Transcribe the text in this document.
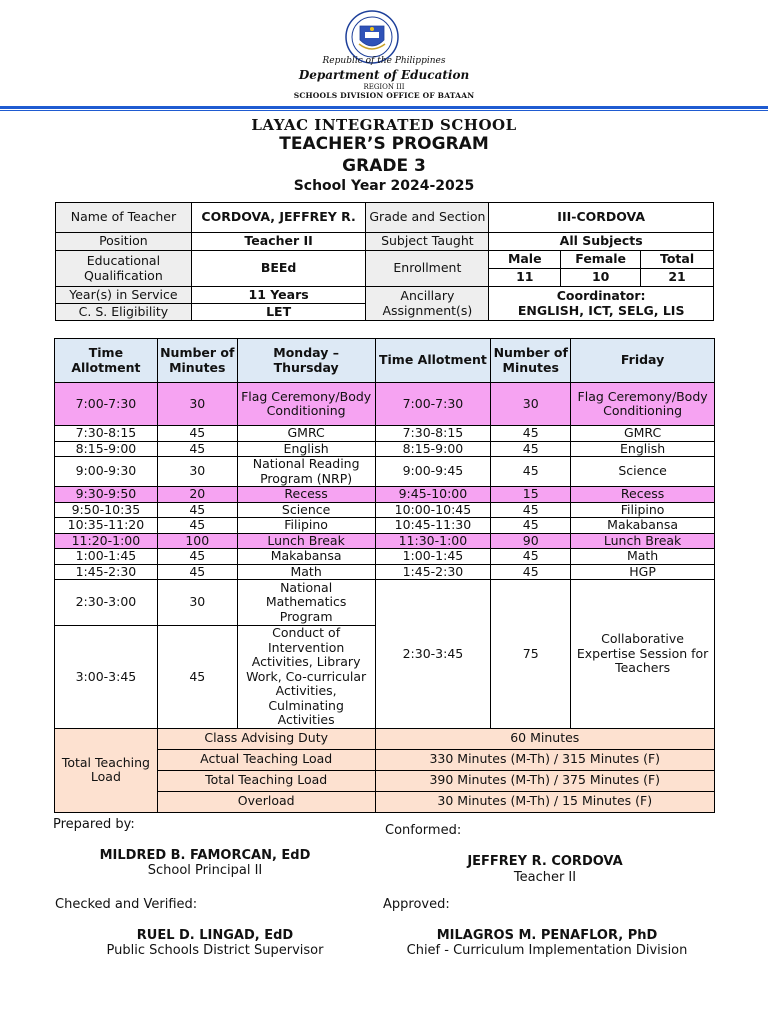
Republic of the Philippines
Department of Education
REGION III
SCHOOLS DIVISION OFFICE OF BATAAN
LAYAC INTEGRATED SCHOOL
TEACHER’S PROGRAM
GRADE 3
School Year 2024-2025
Name of Teacher	CORDOVA, JEFFREY R.	Grade and Section	III-CORDOVA		
Position	Teacher II	Subject Taught	All Subjects		
Educational Qualification	BEEd	Enrollment	Male	Female	Total
			11	10	21
Year(s) in Service	11 Years	Ancillary Assignment(s)	Coordinator:
ENGLISH, ICT, SELG, LIS		

C. S. Eligibility	LET				
Time Allotment	Number of Minutes	Monday – Thursday	Time Allotment	Number of Minutes	Friday
7:00-7:30	30	Flag Ceremony/Body Conditioning	7:00-7:30	30	Flag Ceremony/Body Conditioning
7:30-8:15	45	GMRC	7:30-8:15	45	GMRC
8:15-9:00	45	English	8:15-9:00	45	English
9:00-9:30	30	National Reading Program (NRP)	9:00-9:45	45	Science
9:30-9:50	20	Recess	9:45-10:00	15	Recess
9:50-10:35	45	Science	10:00-10:45	45	Filipino
10:35-11:20	45	Filipino	10:45-11:30	45	Makabansa
11:20-1:00	100	Lunch Break	11:30-1:00	90	Lunch Break
1:00-1:45	45	Makabansa	1:00-1:45	45	Math
1:45-2:30	45	Math	1:45-2:30	45	HGP
2:30-3:00	30	National Mathematics Program	2:30-3:45	75	Collaborative Expertise Session for Teachers
3:00-3:45	45	Conduct of Intervention Activities, Library Work, Co-curricular Activities, Culminating Activities			
Total Teaching Load	Class Advising Duty		60 Minutes		
	Actual Teaching Load		330 Minutes (M-Th) / 315 Minutes (F)		
	Total Teaching Load		390 Minutes (M-Th) / 375 Minutes (F)		
	Overload		30 Minutes (M-Th) / 15 Minutes (F)		
Prepared by:
MILDRED B. FAMORCAN, EdD
School Principal II
Conformed:
JEFFREY R. CORDOVA
Teacher II
Checked and Verified:
RUEL D. LINGAD, EdD
Public Schools District Supervisor
Approved:
MILAGROS M. PENAFLOR, PhD
Chief - Curriculum Implementation Division
